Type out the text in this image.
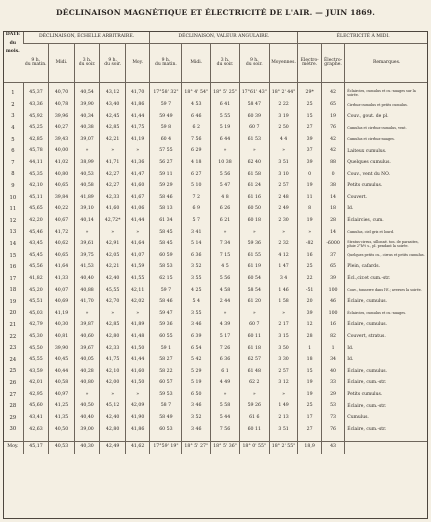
DÉCLINAISON MAGNÉTIQUE ET ÉLECTRICITÉ DE L'AIR. — JUIN 1869.
DATE
du
mois.	DÉCLINAISON, ÉCHELLE ARBITRAIRE.					DÉCLINAISON, VALEUR ANGULAIRE.					ÉLECTRICITÉ À MIDI.		

	9 h.
du matin.	Midi.	3 h.
du soir.	9 h.
du soir.	Moy.	9 h.
du matin.	Midi.	3 h.
du soir.	9 h.
du soir.	Moyennes.	Electro-
mètre.	Électro-
graphe.	Remarques.

1	45,37	40,70	40,54	43,12	41,70	17°58' 32"	18° 4' 54"	18° 5' 25"	17°61' 43"	18° 2' 44"	29*	42	Éclaircies, cumulus et cu.-nuages sur la soirée.
2	43,36	40,78	39,90	43,40	41,86	59 7	4 53	6 41	58 47	2 22	25	65	Cirrhus-cumulus et petits cumulus.
3	45,92	39,96	40,34	42,45	41,44	59 49	6 46	5 55	60 39	3 19	15	19	Couv., gout. de pl.
4	45,25	40,27	40,38	42,85	41,75	59 8	6 2	5 19	60 7	2 50	27	76	Cumulus et cirrhus-cumulus, vent.
5	42,85	39,43	39,07	42,21	41,19	60 4	7 56	6 44	61 53	4 4	39	42	Cumulus et cirrhus-nuages.
6	45,78	40,00	»	»	»	57 55	6 29	»	»	»	37	42	Laiteux cumulus.
7	44,11	41,02	38,99	41,71	41,36	56 27	4 18	10 38	62 40	3 51	39	88	Quelques cumulus.
8	45,35	40,80	40,53	42,27	41,47	59 11	6 27	5 56	61 58	3 10	0	0	Couv., vent du NO.
9	42,10	40,65	40,58	42,27	41,60	59 29	5 10	5 47	61 24	2 57	19	38	Petits cumulus.
10	45,11	39,84	41,89	42,33	41,67	58 46	7 2	4 8	61 16	2 48	11	14	Couvert.
11	45,65	40,22	39,10	41,60	41,06	58 13	6 9	6 26	60 50	2 49	8	18	Id.
12	42,20	40,67	40,14	42,72*	41,44	61 34	5 7	6 21	60 18	2 30	19	28	Éclaircies, cum.
13	45,46	41,72	»	»	»	58 45	3 41	»	»	»	»	14	Cumulus, ciel gris et lourd.
14	43,45	40,62	39,61	42,91	41,64	58 45	5 14	7 34	59 36	2 32	-82	-6000	Stratus-cirrus, sillonné. ton. de parasites, pluie 2°h½ s., pl. pendant la soirée.
15	45,45	40,65	39,75	42,05	41,07	60 59	6 36	7 15	61 55	4 12	16	37	Quelques petits cu., cirrus et petits cumulus.
16	45,56	41,64	41,53	42,21	41,59	58 53	3 52	4 5	61 19	1 47	25	65	Plein, cafards.
17	41,82	41,33	40,40	42,40	41,55	62 15	3 55	5 56	60 54	3 4	22	39	Écl.,cir.et cum.-str.
18	45,20	40,07	40,88	45,55	42,11	59 7	4 25	4 58	58 54	1 46	-51	100	Couv., tonnerre dans l'E.; averses la soirée.
19	45,51	40,69	41,70	42,70	42,02	58 46	5 4	2 44	61 20	1 58	20	46	Éclaire, cumulus.
20	45,03	41,19	»	»	»	59 47	3 55	»	»	»	39	100	Éclaircies, cumulus et cu.-nuages.
21	42,79	40,30	39,87	42,85	41,89	59 36	3 46	4 39	60 7	2 17	12	16	Éclaire, cumulus.
22	45,30	40,81	40,60	42,80	41,48	60 55	6 39	5 17	60 11	3 15	28	82	Couvert, stratus.
23	45,50	39,90	39,67	42,33	41,50	59 1	6 54	7 26	61 18	3 50	1	1	Id.
24	45,55	40,45	40,05	41,75	41,44	58 27	5 42	6 36	62 57	3 30	18	34	Id.
25	43,59	40,44	40,28	42,10	41,60	58 22	5 29	6 1	61 48	2 57	15	40	Éclaire, cumulus.
26	42,01	40,58	40,80	42,00	41,50	60 57	5 19	4 49	62 2	3 12	19	33	Éclaire, cum.-str.
27	42,95	40,97	»	»	»	59 53	6 50	»	»	»	19	29	Petits cumulus.
28	45,60	41,25	40,50	45,12	42,09	58 7	3 46	5 58	59 26	1 49	25	53	Éclaire, cum.-str.
29	43,41	41,35	40,40	42,40	41,90	58 49	3 52	5 44	61 6	2 13	17	73	Cumulus.
30	42,63	40,50	39,00	42,80	41,86	60 53	3 46	7 56	60 11	3 51	27	76	Éclaire, cum.-str.

Moy.	45,17	40,53	40,30	42,49	41,62	17°59' 19"	18° 5' 27"	18° 5' 36"	18° 0' 55"	18° 2' 55"	18,9	43	
